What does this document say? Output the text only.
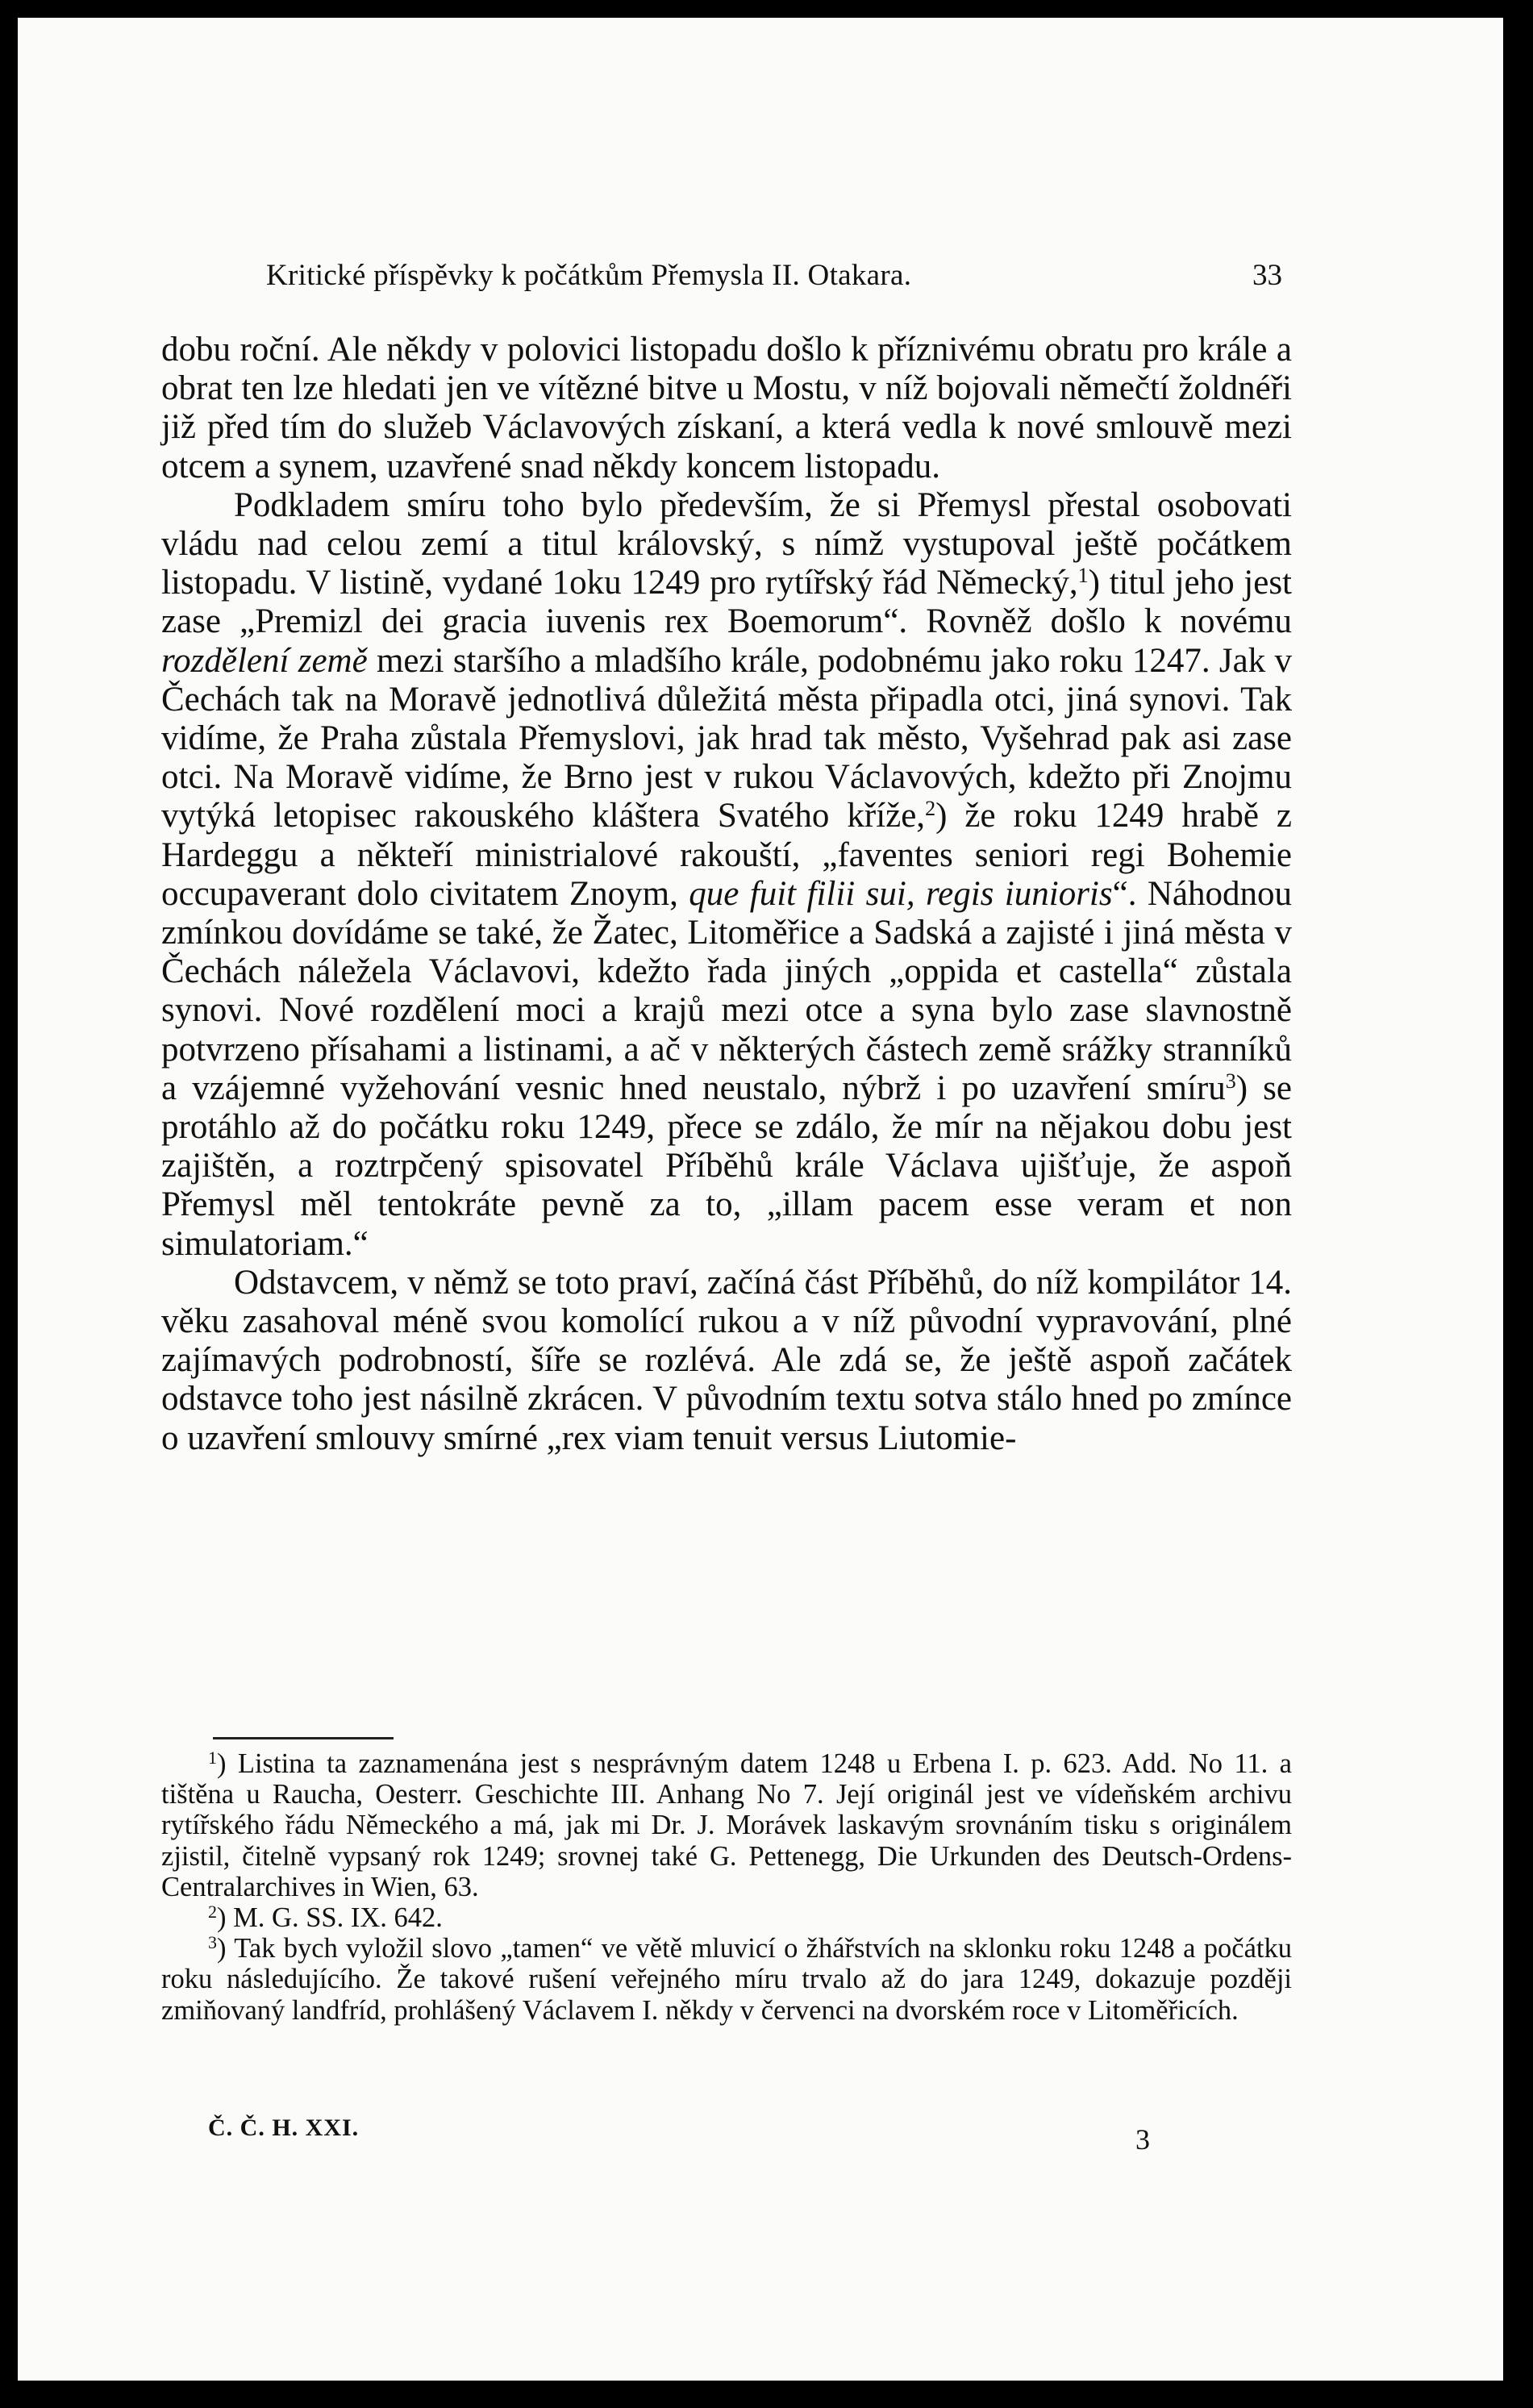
Kritické příspěvky k počátkům Přemysla II. Otakara.	33

dobu roční. Ale někdy v polovici listopadu došlo k příznivému obratu pro krále a obrat ten lze hledati jen ve vítězné bitve u Mostu, v níž bojovali němečtí žoldnéři již před tím do služeb Václavových získaní, a která vedla k nové smlouvě mezi otcem a synem, uzavřené snad někdy koncem listopadu.

Podkladem smíru toho bylo především, že si Přemysl přestal osobovati vládu nad celou zemí a titul královský, s nímž vystupoval ještě počátkem listopadu. V listině, vydané 1oku 1249 pro rytířský řád Německý,$^1$) titul jeho jest zase „Premizl dei gracia iuvenis rex Boemorum“. Rovněž došlo k novému rozdělení země mezi staršího a mladšího krále, podobnému jako roku 1247. Jak v Čechách tak na Moravě jednotlivá důležitá města připadla otci, jiná synovi. Tak vidíme, že Praha zůstala Přemyslovi, jak hrad tak město, Vyšehrad pak asi zase otci. Na Moravě vidíme, že Brno jest v rukou Václavových, kdežto při Znojmu vytýká letopisec rakouského kláštera Svatého kříže,$^2$) že roku 1249 hrabě z Hardeggu a někteří ministrialové rakouští, „faventes seniori regi Bohemie occupaverant dolo civitatem Znoym, que fuit filii sui, regis iunioris“. Náhodnou zmínkou dovídáme se také, že Žatec, Litoměřice a Sadská a zajisté i jiná města v Čechách náležela Václavovi, kdežto řada jiných „oppida et castella“ zůstala synovi. Nové rozdělení moci a krajů mezi otce a syna bylo zase slavnostně potvrzeno přísahami a listinami, a ač v některých částech země srážky stranníků a vzájemné vyžehování vesnic hned neustalo, nýbrž i po uzavření smíru$^3$) se protáhlo až do počátku roku 1249, přece se zdálo, že mír na nějakou dobu jest zajištěn, a roztrpčený spisovatel Příběhů krále Václava ujišťuje, že aspoň Přemysl měl tentokráte pevně za to, „illam pacem esse veram et non simulatoriam.“

Odstavcem, v němž se toto praví, začíná část Příběhů, do níž kompilátor 14. věku zasahoval méně svou komolící rukou a v níž původní vypravování, plné zajímavých podrobností, šíře se rozlévá. Ale zdá se, že ještě aspoň začátek odstavce toho jest násilně zkrácen. V původním textu sotva stálo hned po zmínce o uzavření smlouvy smírné „rex viam tenuit versus Liutomie-

$^1$) Listina ta zaznamenána jest s nesprávným datem 1248 u Erbena I. p. 623. Add. No 11. a tištěna u Raucha, Oesterr. Geschichte III. Anhang No 7. Její originál jest ve vídeňském archivu rytířského řádu Německého a má, jak mi Dr. J. Morávek laskavým srovnáním tisku s originálem zjistil, čitelně vypsaný rok 1249; srovnej také G. Pettenegg, Die Urkunden des Deutsch-Ordens-Centralarchives in Wien, 63.

$^2$) M. G. SS. IX. 642.

$^3$) Tak bych vyložil slovo „tamen“ ve větě mluvicí o žhářstvích na sklonku roku 1248 a počátku roku následujícího. Že takové rušení veřejného míru trvalo až do jara 1249, dokazuje později zmiňovaný landfríd, prohlášený Václavem I. někdy v červenci na dvorském roce v Litoměřicích.

Č. Č. H. XXI.	3
